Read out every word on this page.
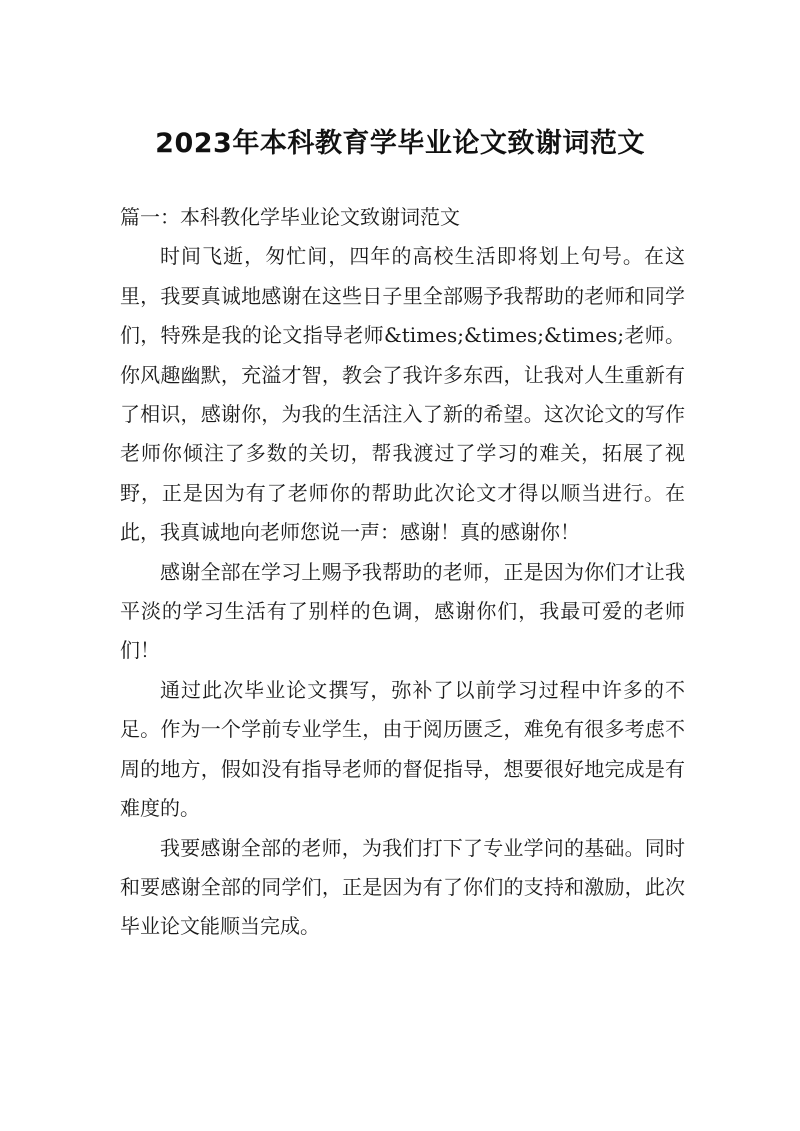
2023年本科教育学毕业论文致谢词范文

篇一：本科教化学毕业论文致谢词范文

时间飞逝，匆忙间，四年的高校生活即将划上句号。在这里，我要真诚地感谢在这些日子里全部赐予我帮助的老师和同学们，特殊是我的论文指导老师&times;&times;&times;老师。你风趣幽默，充溢才智，教会了我许多东西，让我对人生重新有了相识，感谢你，为我的生活注入了新的希望。这次论文的写作老师你倾注了多数的关切，帮我渡过了学习的难关，拓展了视野，正是因为有了老师你的帮助此次论文才得以顺当进行。在此，我真诚地向老师您说一声：感谢！真的感谢你！

感谢全部在学习上赐予我帮助的老师，正是因为你们才让我平淡的学习生活有了别样的色调，感谢你们，我最可爱的老师们！

通过此次毕业论文撰写，弥补了以前学习过程中许多的不足。作为一个学前专业学生，由于阅历匮乏，难免有很多考虑不周的地方，假如没有指导老师的督促指导，想要很好地完成是有难度的。

我要感谢全部的老师，为我们打下了专业学问的基础。同时和要感谢全部的同学们，正是因为有了你们的支持和激励，此次毕业论文能顺当完成。
